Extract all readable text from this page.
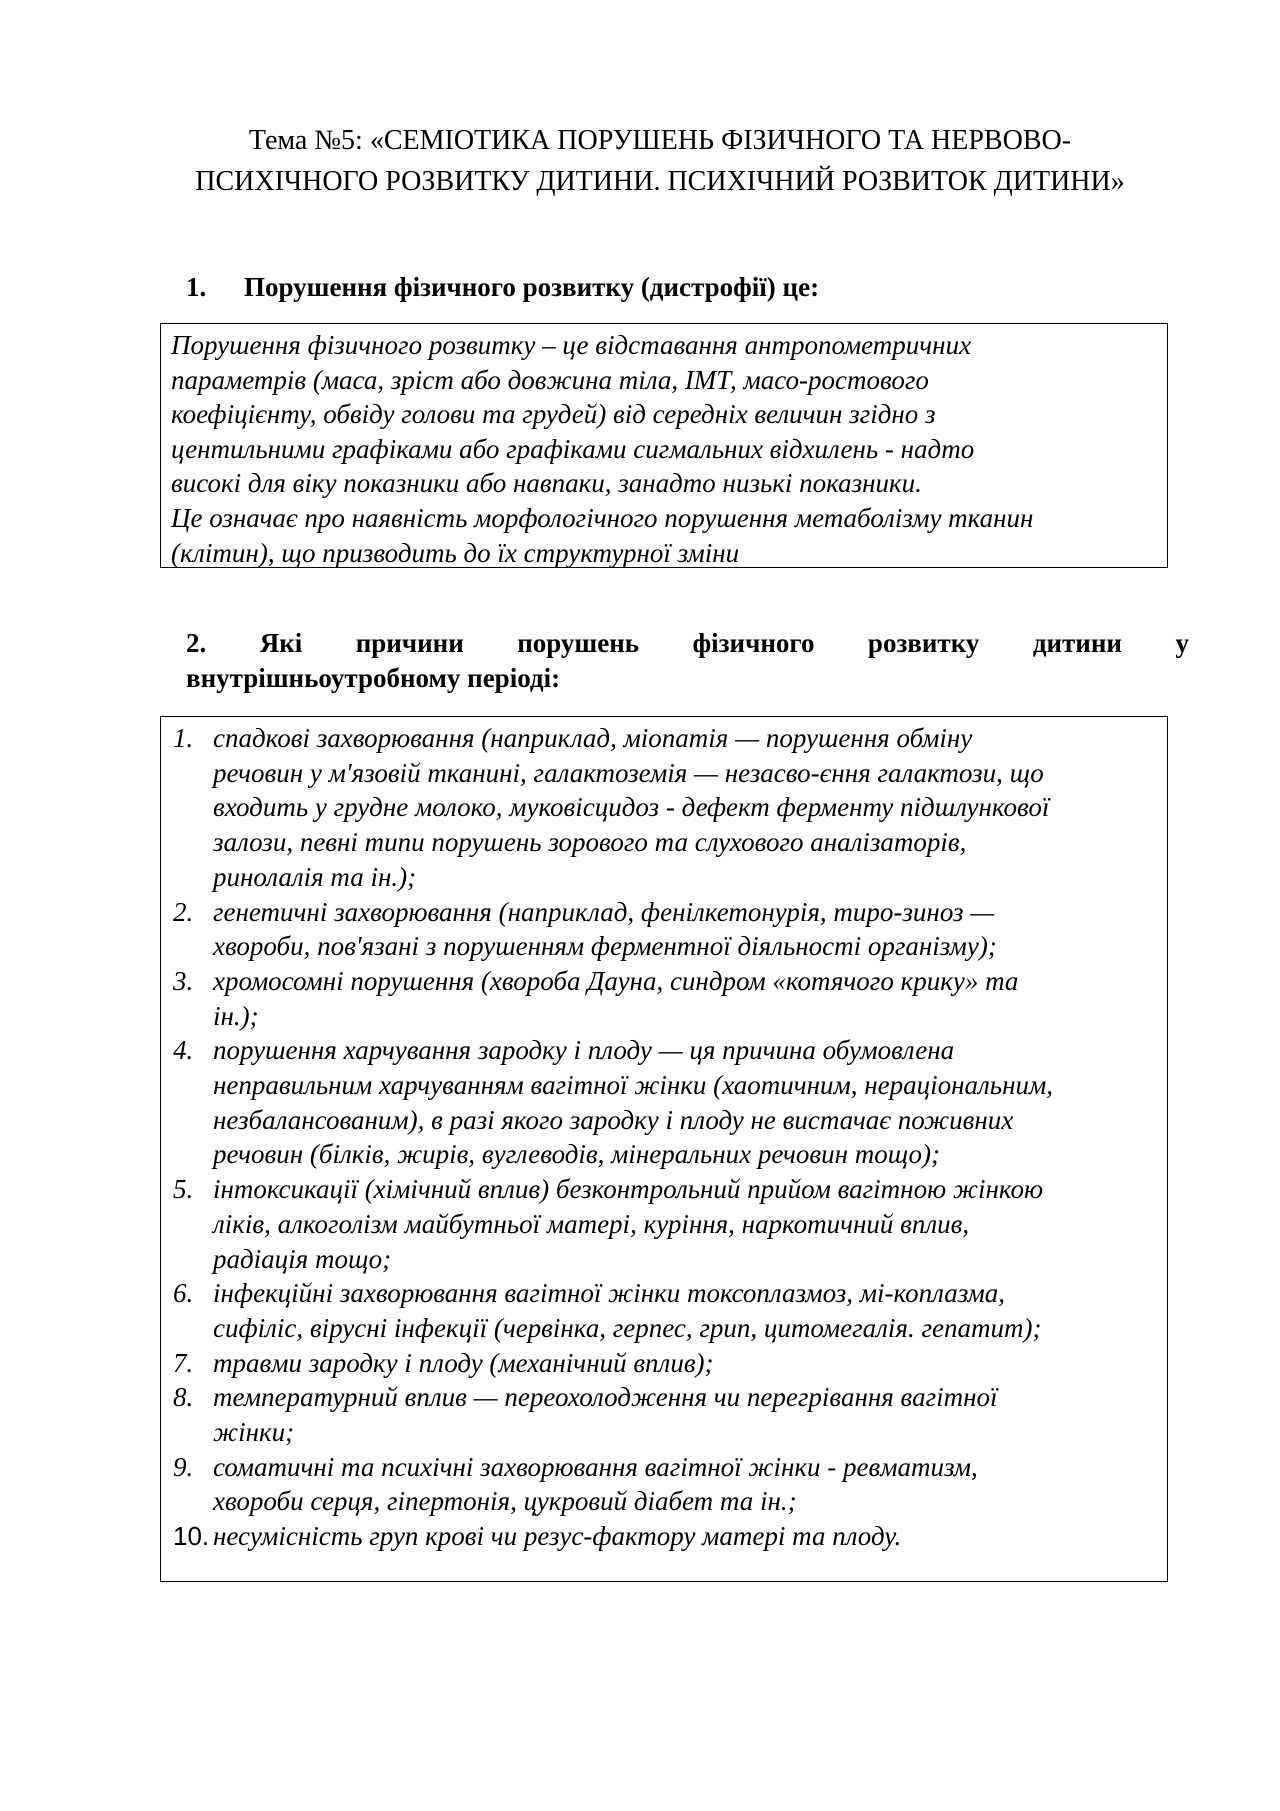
Тема №5: «СЕМІОТИКА ПОРУШЕНЬ ФІЗИЧНОГО ТА НЕРВОВО-
ПСИХІЧНОГО РОЗВИТКУ ДИТИНИ. ПСИХІЧНИЙ РОЗВИТОК ДИТИНИ»
1. Порушення фізичного розвитку (дистрофії) це:

Порушення фізичного розвитку – це відставання антропометричних

параметрів (маса, зріст або довжина тіла, ІМТ, масо-ростового

коефіцієнту, обвіду голови та грудей) від середніх величин згідно з

центильними графіками або графіками сигмальних відхилень - надто

високі для віку показники або навпаки, занадто низькі показники.

Це означає про наявність морфологічного порушення метаболізму тканин

(клітин), що призводить до їх структурної зміни

2. Які причини порушень фізичного розвитку дитини у
внутрішньоутробному періоді:
1. спадкові захворювання (наприклад, міопатія — порушення обміну
речовин у м'язовій тканині, галактоземія — незасво-єння галактози, що
входить у грудне молоко, муковісцидоз - дефект ферменту підшлункової
залози, певні типи порушень зорового та слухового аналізаторів,
ринолалія та ін.);
2. генетичні захворювання (наприклад, фенілкетонурія, тиро-зиноз —
хвороби, пов'язані з порушенням ферментної діяльності організму);
3. хромосомні порушення (хвороба Дауна, синдром «котячого крику» та
ін.);
4. порушення харчування зародку і плоду — ця причина обумовлена
неправильним харчуванням вагітної жінки (хаотичним, нераціональним,
незбалансованим), в разі якого зародку і плоду не вистачає поживних
речовин (білків, жирів, вуглеводів, мінеральних речовин тощо);
5. інтоксикації (хімічний вплив) безконтрольний прийом вагітною жінкою
ліків, алкоголізм майбутньої матері, куріння, наркотичний вплив,
радіація тощо;
6. інфекційні захворювання вагітної жінки токсоплазмоз, мі-коплазма,
сифіліс, вірусні інфекції (червінка, герпес, грип, цитомегалія. гепатит);
7. травми зародку і плоду (механічний вплив);
8. температурний вплив — переохолодження чи перегрівання вагітної
жінки;
9. соматичні та психічні захворювання вагітної жінки - ревматизм,
хвороби серця, гіпертонія, цукровий діабет та ін.;
10. несумісність груп крові чи резус-фактору матері та плоду.
